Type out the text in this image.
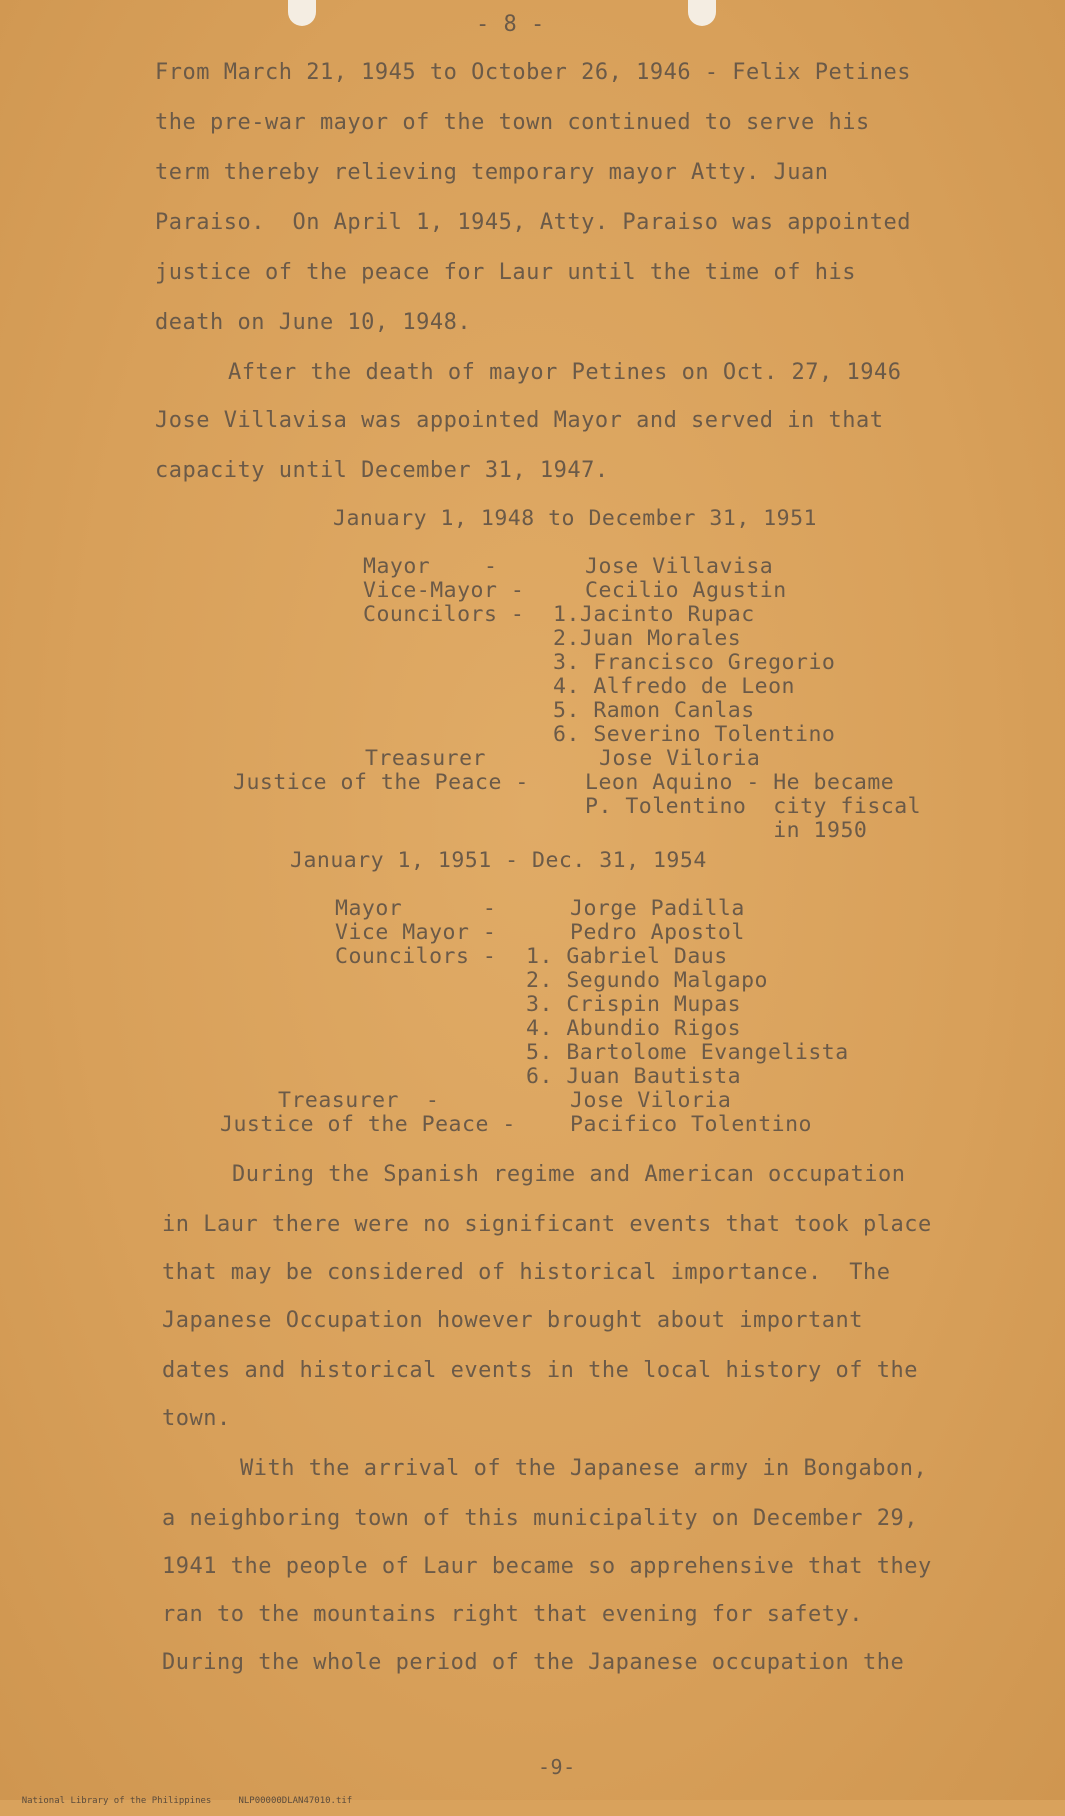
- 8 -
From March 21, 1945 to October 26, 1946 - Felix Petines
the pre-war mayor of the town continued to serve his
term thereby relieving temporary mayor Atty. Juan
Paraiso.  On April 1, 1945, Atty. Paraiso was appointed
justice of the peace for Laur until the time of his
death on June 10, 1948.
After the death of mayor Petines on Oct. 27, 1946
Jose Villavisa was appointed Mayor and served in that
capacity until December 31, 1947.
January 1, 1948 to December 31, 1951
Mayor    -	Jose Villavisa
Vice-Mayor -	Cecilio Agustin
Councilors - 1.Jacinto Rupac
2.Juan Morales
3. Francisco Gregorio
4. Alfredo de Leon
5. Ramon Canlas
6. Severino Tolentino
Treasurer	Jose Viloria
Justice of the Peace -	Leon Aquino - He became
P. Tolentino  city fiscal
in 1950
January 1, 1951 - Dec. 31, 1954
Mayor      -	Jorge Padilla
Vice Mayor -	Pedro Apostol
Councilors - 1. Gabriel Daus
2. Segundo Malgapo
3. Crispin Mupas
4. Abundio Rigos
5. Bartolome Evangelista
6. Juan Bautista
Treasurer  -	Jose Viloria
Justice of the Peace -	Pacifico Tolentino
During the Spanish regime and American occupation
in Laur there were no significant events that took place
that may be considered of historical importance.  The
Japanese Occupation however brought about important
dates and historical events in the local history of the
town.
With the arrival of the Japanese army in Bongabon,
a neighboring town of this municipality on December 29,
1941 the people of Laur became so apprehensive that they
ran to the mountains right that evening for safety.
During the whole period of the Japanese occupation the
-9-

National Library of the Philippines	NLP00000DLAN47010.tif
